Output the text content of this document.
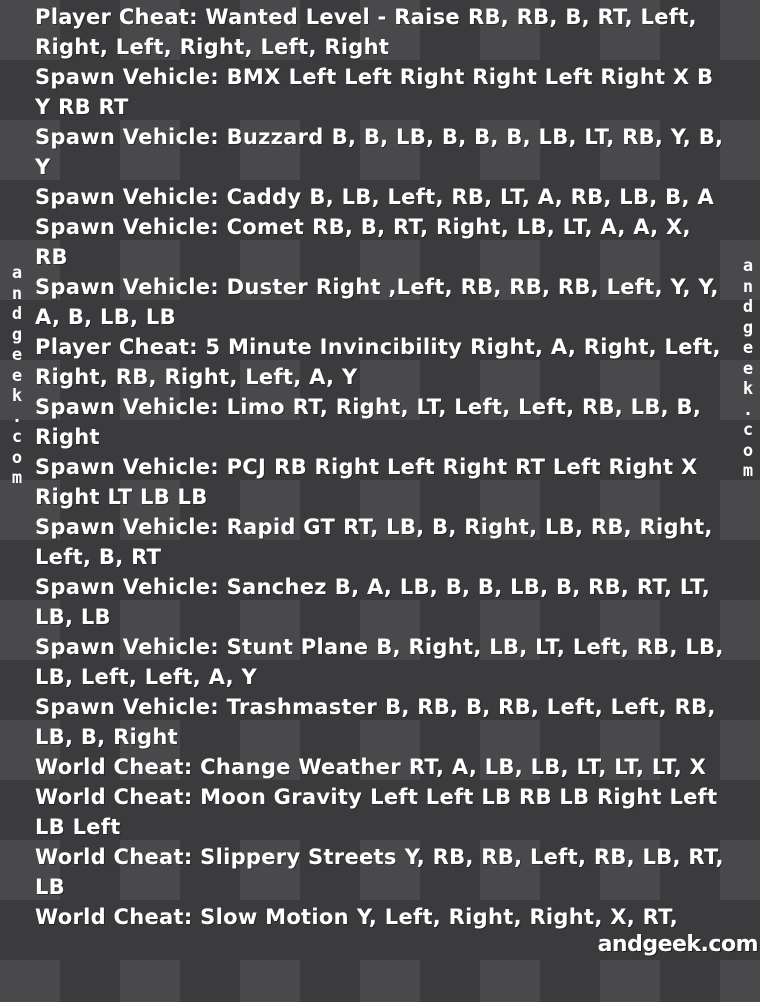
Player Cheat: Wanted Level - Raise RB, RB, B, RT, Left, Right, Left, Right, Left, Right
Spawn Vehicle: BMX Left Left Right Right Left Right X B Y RB RT
Spawn Vehicle: Buzzard B, B, LB, B, B, B, LB, LT, RB, Y, B, Y
Spawn Vehicle: Caddy B, LB, Left, RB, LT, A, RB, LB, B, A
Spawn Vehicle: Comet RB, B, RT, Right, LB, LT, A, A, X, RB
Spawn Vehicle: Duster Right ,Left, RB, RB, RB, Left, Y, Y, A, B, LB, LB
Player Cheat: 5 Minute Invincibility Right, A, Right, Left, Right, RB, Right, Left, A, Y
Spawn Vehicle: Limo RT, Right, LT, Left, Left, RB, LB, B, Right
Spawn Vehicle: PCJ RB Right Left Right RT Left Right X Right LT LB LB
Spawn Vehicle: Rapid GT RT, LB, B, Right, LB, RB, Right, Left, B, RT
Spawn Vehicle: Sanchez B, A, LB, B, B, LB, B, RB, RT, LT, LB, LB
Spawn Vehicle: Stunt Plane B, Right, LB, LT, Left, RB, LB, LB, Left, Left, A, Y
Spawn Vehicle: Trashmaster B, RB, B, RB, Left, Left, RB, LB, B, Right
World Cheat: Change Weather RT, A, LB, LB, LT, LT, LT, X
World Cheat: Moon Gravity Left Left LB RB LB Right Left LB Left
World Cheat: Slippery Streets Y, RB, RB, Left, RB, LB, RT, LB
World Cheat: Slow Motion Y, Left, Right, Right, X, RT,
a
n
d
g
e
e
k
.
c
o
m
a
n
d
g
e
e
k
.
c
o
m
andgeek.com
